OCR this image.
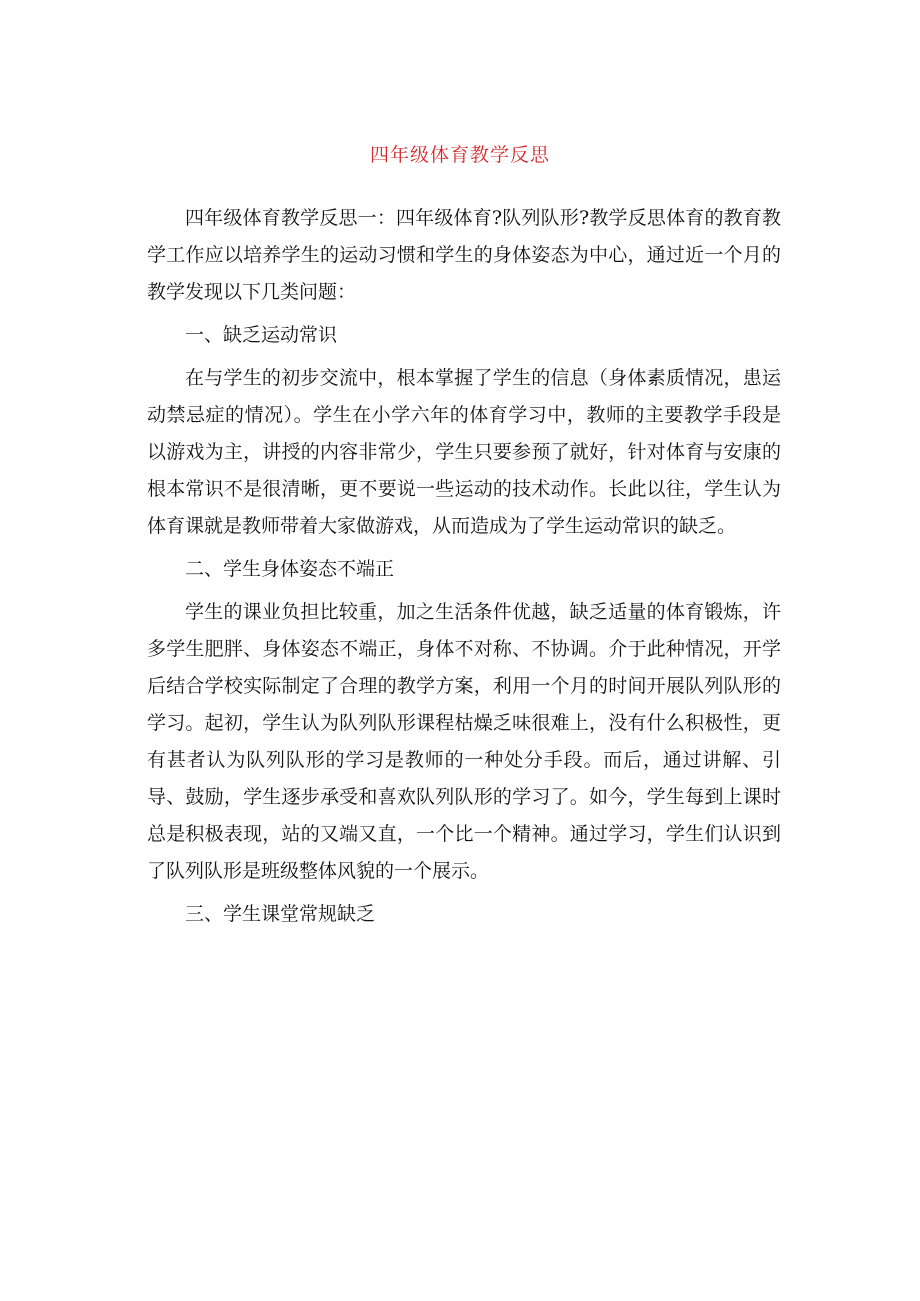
四年级体育教学反思

四年级体育教学反思一：四年级体育?队列队形?教学反思体育的教育教学工作应以培养学生的运动习惯和学生的身体姿态为中心，通过近一个月的教学发现以下几类问题：

一、缺乏运动常识

在与学生的初步交流中，根本掌握了学生的信息（身体素质情况，患运动禁忌症的情况）。学生在小学六年的体育学习中，教师的主要教学手段是以游戏为主，讲授的内容非常少，学生只要参预了就好，针对体育与安康的根本常识不是很清晰，更不要说一些运动的技术动作。长此以往，学生认为体育课就是教师带着大家做游戏，从而造成为了学生运动常识的缺乏。

二、学生身体姿态不端正

学生的课业负担比较重，加之生活条件优越，缺乏适量的体育锻炼，许多学生肥胖、身体姿态不端正，身体不对称、不协调。介于此种情况，开学后结合学校实际制定了合理的教学方案，利用一个月的时间开展队列队形的学习。起初，学生认为队列队形课程枯燥乏味很难上，没有什么积极性，更有甚者认为队列队形的学习是教师的一种处分手段。而后，通过讲解、引导、鼓励，学生逐步承受和喜欢队列队形的学习了。如今，学生每到上课时总是积极表现，站的又端又直，一个比一个精神。通过学习，学生们认识到了队列队形是班级整体风貌的一个展示。

三、学生课堂常规缺乏
